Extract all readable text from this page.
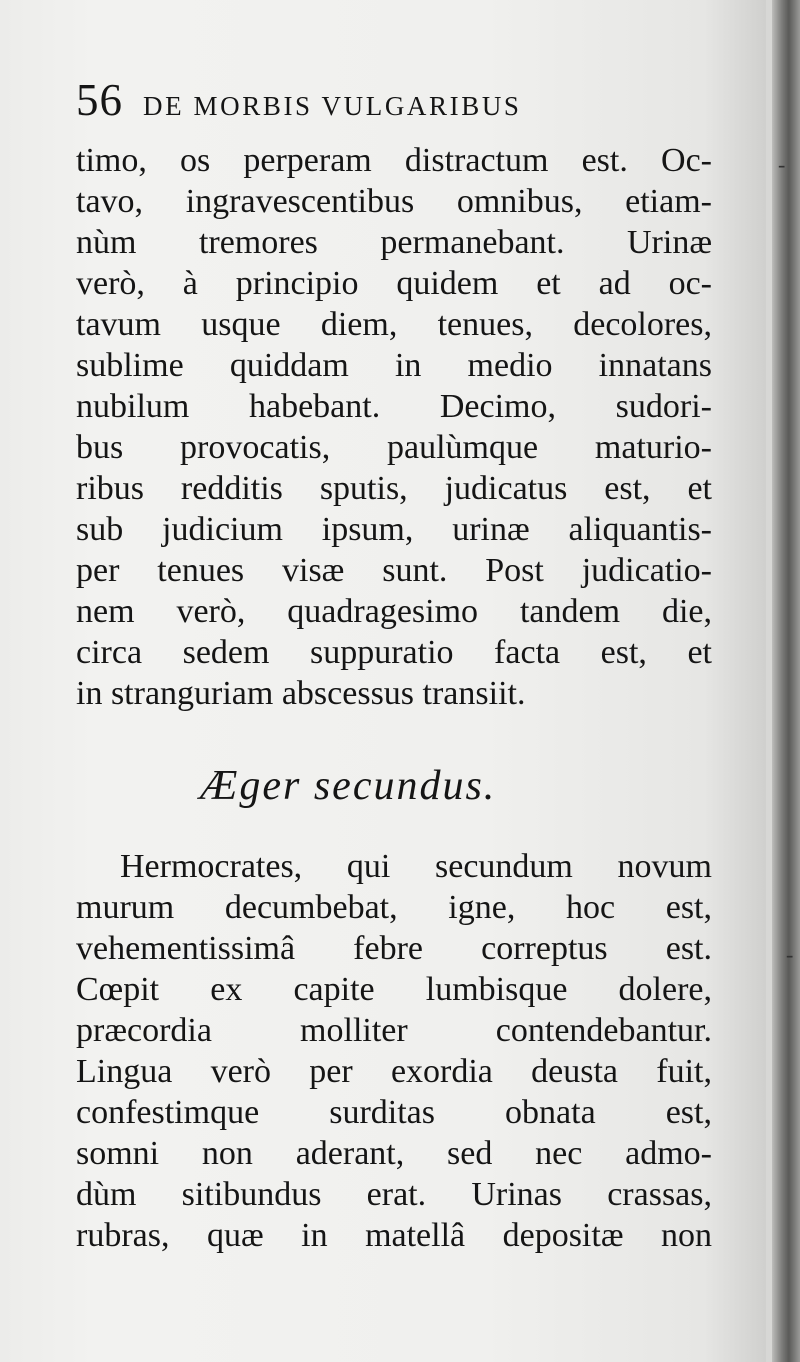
56 DE MORBIS VULGARIBUS
timo, os perperam distractum est. Oc-
tavo, ingravescentibus omnibus, etiam-
nùm tremores permanebant. Urinæ
verò, à principio quidem et ad oc-
tavum usque diem, tenues, decolores,
sublime quiddam in medio innatans
nubilum habebant. Decimo, sudori-
bus provocatis, paulùmque maturio-
ribus redditis sputis, judicatus est, et
sub judicium ipsum, urinæ aliquantis-
per tenues visæ sunt. Post judicatio-
nem verò, quadragesimo tandem die,
circa sedem suppuratio facta est, et
in stranguriam abscessus transiit.
Æger secundus.
Hermocrates, qui secundum novum
murum decumbebat, igne, hoc est,
vehementissimâ febre correptus est.
Cœpit ex capite lumbisque dolere,
præcordia molliter contendebantur.
Lingua verò per exordia deusta fuit,
confestimque surditas obnata est,
somni non aderant, sed nec admo-
dùm sitibundus erat. Urinas crassas,
rubras, quæ in matellâ depositæ non
-
-
